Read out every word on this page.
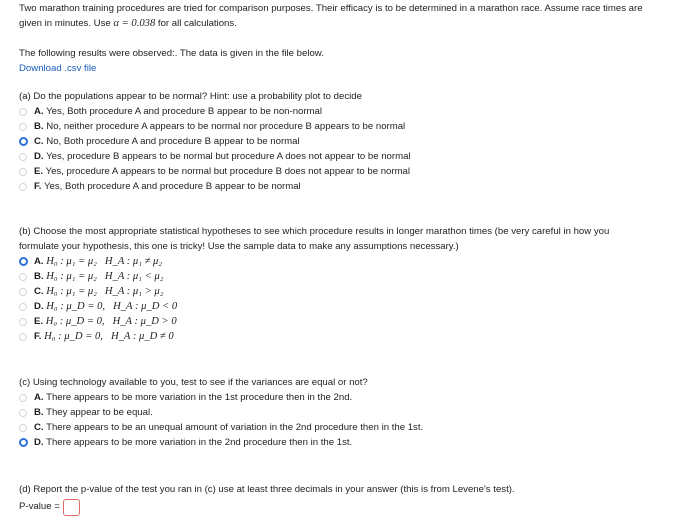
Two marathon training procedures are tried for comparison purposes. Their efficacy is to be determined in a marathon race. Assume race times are
given in minutes. Use α = 0.038 for all calculations.
The following results were observed:. The data is given in the file below.
Download .csv file
(a) Do the populations appear to be normal? Hint: use a probability plot to decide
A. Yes, Both procedure A and procedure B appear to be non-normal
B. No, neither procedure A appears to be normal nor procedure B appears to be normal
C. No, Both procedure A and procedure B appear to be normal
D. Yes, procedure B appears to be normal but procedure A does not appear to be normal
E. Yes, procedure A appears to be normal but procedure B does not appear to be normal
F. Yes, Both procedure A and procedure B appear to be normal
(b) Choose the most appropriate statistical hypotheses to see which procedure results in longer marathon times (be very careful in how you
formulate your hypothesis, this one is tricky! Use the sample data to make any assumptions necessary.)
A. H₀ : μ₁ = μ₂ H_A : μ₁ ≠ μ₂
B. H₀ : μ₁ = μ₂ H_A : μ₁ < μ₂
C. H₀ : μ₁ = μ₂ H_A : μ₁ > μ₂
D. H₀ : μ_D = 0, H_A : μ_D < 0
E. H₀ : μ_D = 0, H_A : μ_D > 0
F. H₀ : μ_D = 0, H_A : μ_D ≠ 0
(c) Using technology available to you, test to see if the variances are equal or not?
A. There appears to be more variation in the 1st procedure then in the 2nd.
B. They appear to be equal.
C. There appears to be an unequal amount of variation in the 2nd procedure then in the 1st.
D. There appears to be more variation in the 2nd procedure then in the 1st.
(d) Report the p-value of the test you ran in (c) use at least three decimals in your answer (this is from Levene's test).
P-value =
